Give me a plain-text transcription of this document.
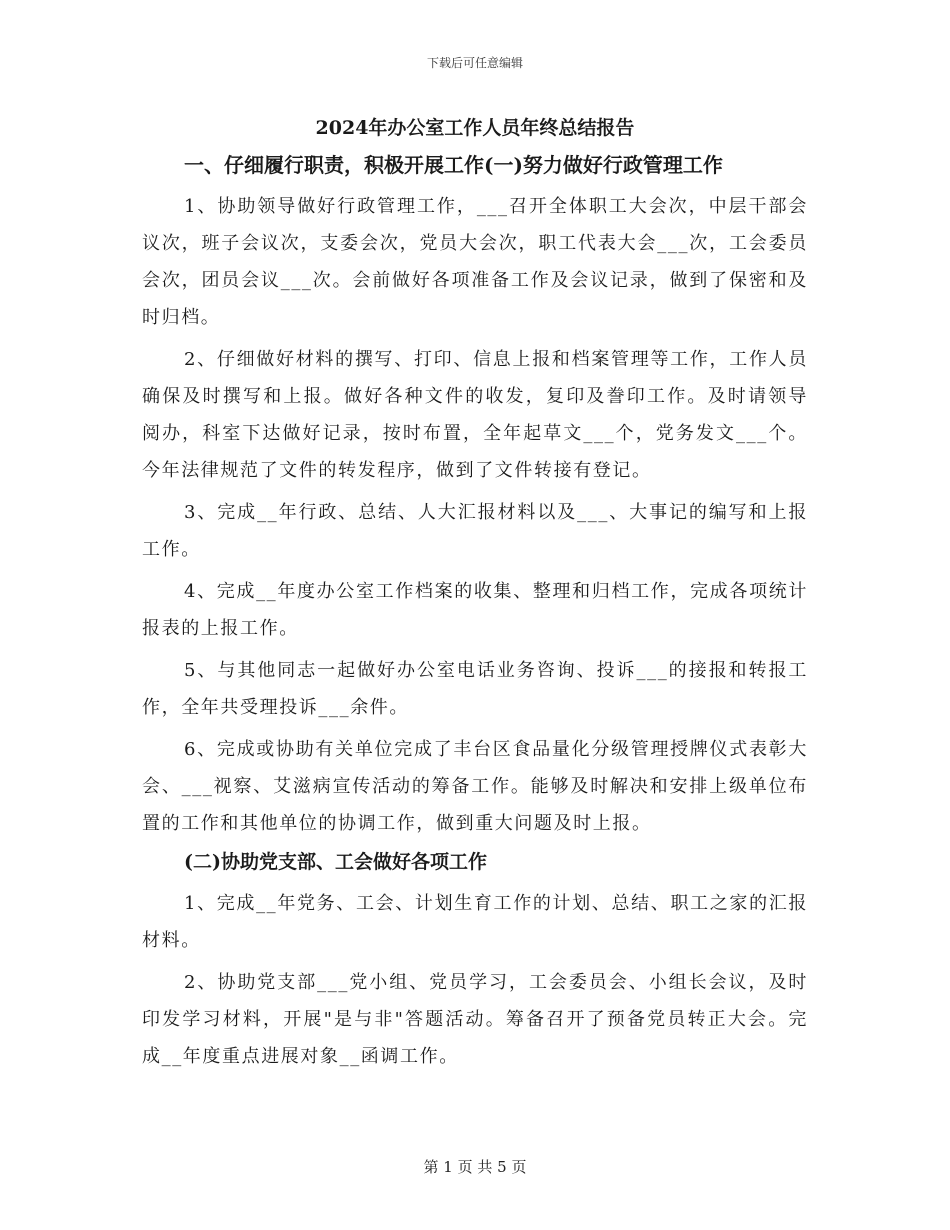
下载后可任意编辑
2024年办公室工作人员年终总结报告
一、仔细履行职责，积极开展工作(一)努力做好行政管理工作

1、协助领导做好行政管理工作，___召开全体职工大会次，中层干部会议次，班子会议次，支委会次，党员大会次，职工代表大会___次，工会委员会次，团员会议___次。会前做好各项准备工作及会议记录，做到了保密和及时归档。

2、仔细做好材料的撰写、打印、信息上报和档案管理等工作，工作人员确保及时撰写和上报。做好各种文件的收发，复印及誊印工作。及时请领导阅办，科室下达做好记录，按时布置，全年起草文___个，党务发文___个。今年法律规范了文件的转发程序，做到了文件转接有登记。

3、完成__年行政、总结、人大汇报材料以及___、大事记的编写和上报工作。

4、完成__年度办公室工作档案的收集、整理和归档工作，完成各项统计报表的上报工作。

5、与其他同志一起做好办公室电话业务咨询、投诉___的接报和转报工作，全年共受理投诉___余件。

6、完成或协助有关单位完成了丰台区食品量化分级管理授牌仪式表彰大会、___视察、艾滋病宣传活动的筹备工作。能够及时解决和安排上级单位布置的工作和其他单位的协调工作，做到重大问题及时上报。

(二)协助党支部、工会做好各项工作

1、完成__年党务、工会、计划生育工作的计划、总结、职工之家的汇报材料。

2、协助党支部___党小组、党员学习，工会委员会、小组长会议，及时印发学习材料，开展"是与非"答题活动。筹备召开了预备党员转正大会。完成__年度重点进展对象__函调工作。

第 1 页 共 5 页
